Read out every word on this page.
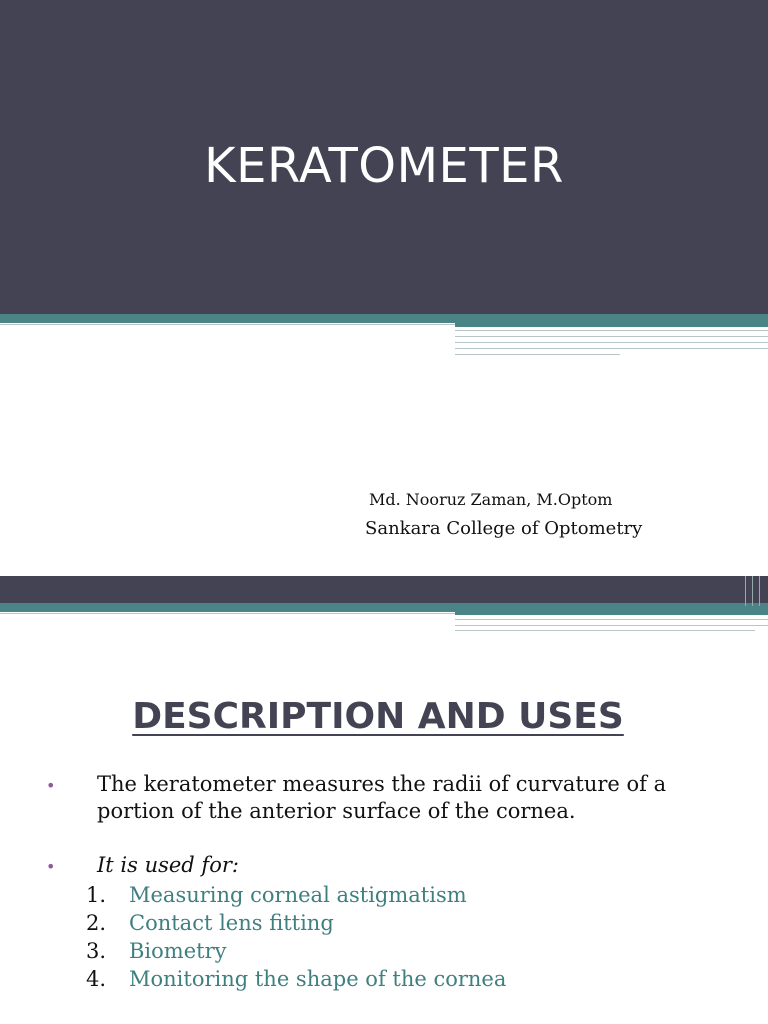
KERATOMETER
Md. Nooruz Zaman, M.Optom
Sankara College of Optometry
DESCRIPTION AND USES
• The keratometer measures the radii of curvature of a portion of the anterior surface of the cornea.
• It is used for:
1. Measuring corneal astigmatism
2. Contact lens fitting
3. Biometry
4. Monitoring the shape of the cornea
